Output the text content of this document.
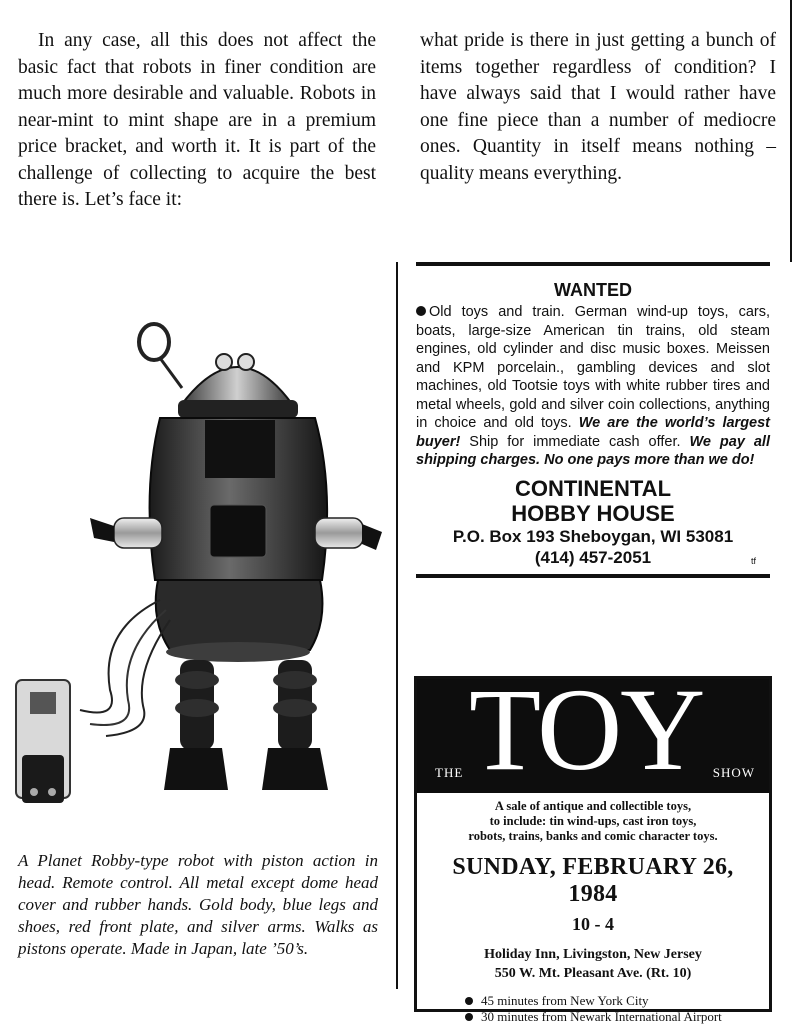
In any case, all this does not affect the basic fact that robots in finer condition are much more desirable and valuable. Robots in near-mint to mint shape are in a premium price bracket, and worth it. It is part of the challenge of collecting to acquire the best there is. Let’s face it:

what pride is there in just getting a bunch of items together regardless of condition? I have always said that I would rather have one fine piece than a number of mediocre ones. Quantity in itself means nothing – quality means everything.

A Planet Robby-type robot with piston action in head. Remote control. All metal except dome head cover and rubber hands. Gold body, blue legs and shoes, red front plate, and silver arms. Walks as pistons operate. Made in Japan, late ’50’s.

WANTED

Old toys and train. German wind-up toys, cars, boats, large-size American tin trains, old steam engines, old cylinder and disc music boxes. Meissen and KPM porcelain., gambling devices and slot machines, old Tootsie toys with white rubber tires and metal wheels, gold and silver coin collections, anything in choice and old toys. We are the world’s largest buyer! Ship for immediate cash offer. We pay all shipping charges. No one pays more than we do!

CONTINENTAL
HOBBY HOUSE
P.O. Box 193 Sheboygan, WI 53081
(414) 457-2051	tf
THE TOY SHOW

A sale of antique and collectible toys,
to include: tin wind-ups, cast iron toys,
robots, trains, banks and comic character toys.

SUNDAY, FEBRUARY 26, 1984

10 - 4

Holiday Inn, Livingston, New Jersey
550 W. Mt. Pleasant Ave. (Rt. 10)

45 minutes from New York City
30 minutes from Newark International Airport
